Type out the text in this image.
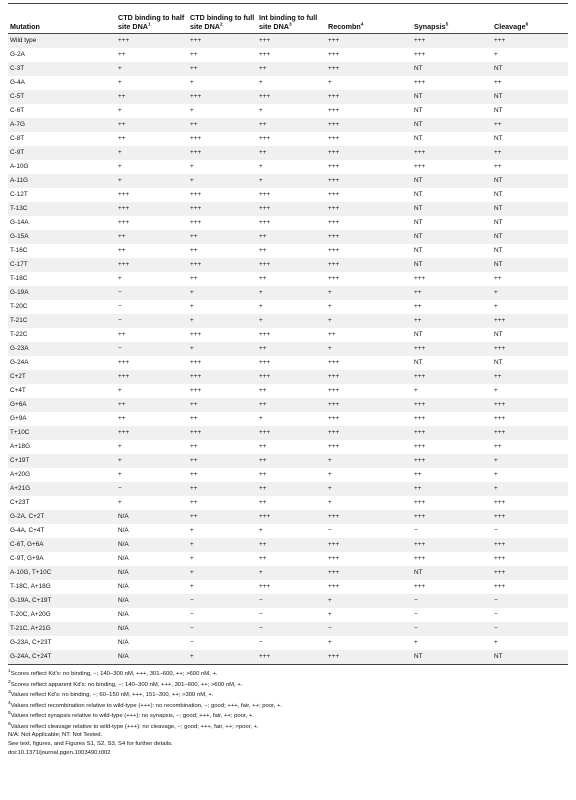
Mutation	CTD binding to half site DNA$^1$	CTD binding to full site DNA$^2$	Int binding to full site DNA$^3$	Recombn$^4$	Synapsis$^5$	Cleavage$^6$
Wild type	+++	+++	+++	+++	+++	+++
G-2A	++	++	+++	+++	+++	+
C-3T	+	++	++	+++	NT	NT
G-4A	+	+	+	+	+++	++
C-5T	++	+++	+++	+++	NT	NT
C-6T	+	+	+	+++	NT	NT
A-7G	++	++	++	+++	NT	++
C-8T	++	+++	+++	+++	NT	NT
C-9T	+	+++	++	+++	+++	++
A-10G	+	+	+	+++	+++	++
A-11G	+	+	+	+++	NT	NT
C-12T	+++	+++	+++	+++	NT	NT
T-13C	+++	+++	+++	+++	NT	NT
G-14A	+++	+++	+++	+++	NT	NT
G-15A	++	++	++	+++	NT	NT
T-16C	++	++	++	+++	NT	NT
C-17T	+++	+++	+++	+++	NT	NT
T-18C	+	++	++	+++	+++	++
G-19A	−	+	+	+	++	+
T-20C	−	+	+	+	++	+
T-21C	−	+	+	+	++	+++
T-22C	++	+++	+++	++	NT	NT
G-23A	−	+	++	+	+++	+++
G-24A	+++	+++	+++	+++	NT	NT
C+2T	+++	+++	+++	+++	+++	++
C+4T	+	+++	++	+++	+	+
G+6A	++	++	++	+++	+++	+++
G+9A	++	++	+	+++	+++	+++
T+10C	+++	+++	+++	+++	+++	+++
A+18G	+	++	++	+++	+++	++
C+19T	+	++	++	+	+++	+
A+20G	+	++	++	+	++	+
A+21G	−	++	++	+	++	+
C+23T	+	++	++	+	+++	+++
G-2A, C+2T	N/A	++	+++	+++	+++	+++
G-4A, C+4T	N/A	+	+	−	−	−
C-6T, G+6A	N/A	+	++	+++	+++	+++
C-9T, G+9A	N/A	+	++	+++	+++	+++
A-10G, T+10C	N/A	+	+	+++	NT	+++
T-18C, A+18G	N/A	+	+++	+++	+++	+++
G-19A, C+19T	N/A	−	−	+	−	−
T-20C, A+20G	N/A	−	−	+	−	−
T-21C, A+21G	N/A	−	−	−	−	−
G-23A, C+23T	N/A	−	−	+	+	+
G-24A, C+24T	N/A	+	+++	+++	NT	NT
$^1$Scores reflect Kd's: no binding, −; 140–300 nM, +++, 301–600, ++; >600 nM, +.
$^2$Scores reflect apparent Kd's: no binding, −; 140–300 nM, +++, 301–600, ++; >600 nM, +.
$^3$Values reflect Kd's: no binding, −; 60–150 nM, +++, 151–300, ++; >300 nM, +.
$^4$Values reflect recombination relative to wild-type (+++): no recombination, −; good; +++, fair, ++; poor, +.
$^5$Values reflect synapsis relative to wild-type (+++): no synapsis, −; good; +++, fair, ++; poor, +.
$^6$Values reflect cleavage relative to wild-type (+++): no cleavage, −; good; +++, fair, ++; >poor, +.
N/A: Not Applicable; NT: Not Tested.
See text, figures, and Figures S1, S2, S3, S4 for further details.
doi:10.1371/journal.pgen.1003490.t002
